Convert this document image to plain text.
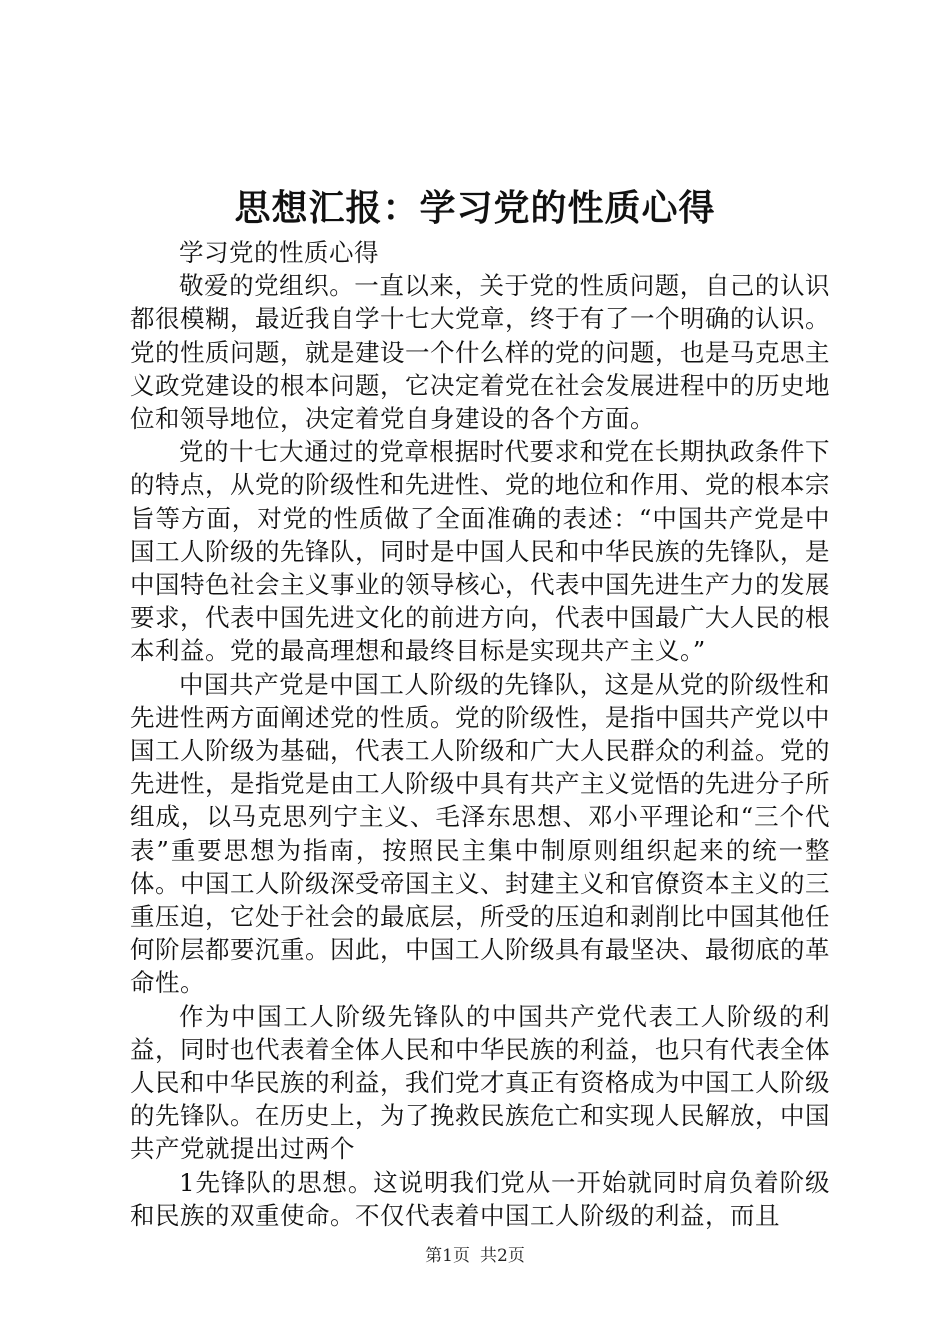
思想汇报：学习党的性质心得

学习党的性质心得

敬爱的党组织。一直以来，关于党的性质问题，自己的认识都很模糊，最近我自学十七大党章，终于有了一个明确的认识。党的性质问题，就是建设一个什么样的党的问题，也是马克思主义政党建设的根本问题，它决定着党在社会发展进程中的历史地位和领导地位，决定着党自身建设的各个方面。

党的十七大通过的党章根据时代要求和党在长期执政条件下的特点，从党的阶级性和先进性、党的地位和作用、党的根本宗旨等方面，对党的性质做了全面准确的表述：“中国共产党是中国工人阶级的先锋队，同时是中国人民和中华民族的先锋队，是中国特色社会主义事业的领导核心，代表中国先进生产力的发展要求，代表中国先进文化的前进方向，代表中国最广大人民的根本利益。党的最高理想和最终目标是实现共产主义。”

中国共产党是中国工人阶级的先锋队，这是从党的阶级性和先进性两方面阐述党的性质。党的阶级性，是指中国共产党以中国工人阶级为基础，代表工人阶级和广大人民群众的利益。党的先进性，是指党是由工人阶级中具有共产主义觉悟的先进分子所组成，以马克思列宁主义、毛泽东思想、邓小平理论和“三个代表”重要思想为指南，按照民主集中制原则组织起来的统一整体。中国工人阶级深受帝国主义、封建主义和官僚资本主义的三重压迫，它处于社会的最底层，所受的压迫和剥削比中国其他任何阶层都要沉重。因此，中国工人阶级具有最坚决、最彻底的革命性。

作为中国工人阶级先锋队的中国共产党代表工人阶级的利益，同时也代表着全体人民和中华民族的利益，也只有代表全体人民和中华民族的利益，我们党才真正有资格成为中国工人阶级的先锋队。在历史上，为了挽救民族危亡和实现人民解放，中国共产党就提出过两个

1先锋队的思想。这说明我们党从一开始就同时肩负着阶级和民族的双重使命。不仅代表着中国工人阶级的利益，而且

第1页 共2页
